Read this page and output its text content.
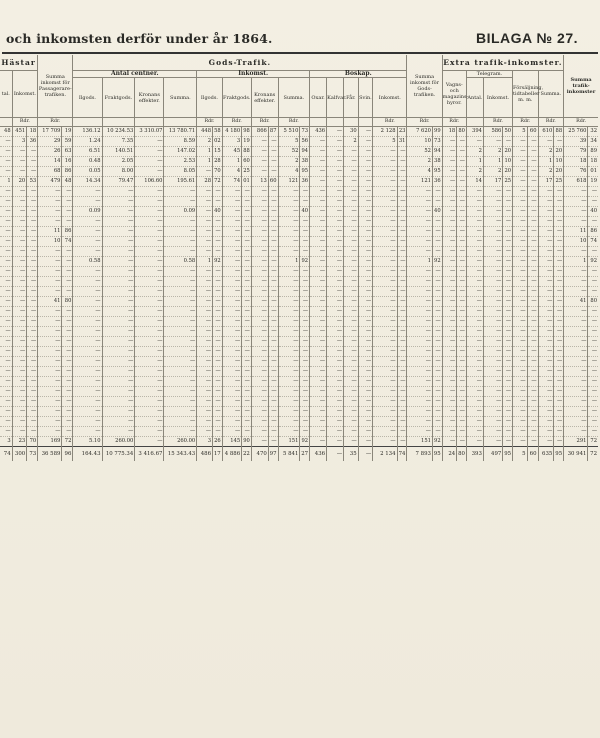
och inkomsten derför under år 1864.	BILAGA № 27.
Hästar			Summa inkomst för Passagerare-trafiken.		Gods-Trafik.																		Summa inkomst för Gods-trafiken.		Extra trafik-inkomster.									Summa trafik-inkomster	
tal.	Inkomst.				Antal centner.				Inkomst.								Boskap.								Vagns- och magazins-hyror.		Telegram.			Försäljning, tidtabeller m. m.		Summa.			
					Ilgods.	Fraktgods.	Kronans effekter.	Summa.	Ilgods.		Fraktgods.		Kronans effekter.		Summa.		Oxar.	Kalfvar.	Får.	Svin.	Inkomst.						Antal.	Inkomst.							
	Rdr.		Rdr.						Rdr.		Rdr.		Rdr.		Rdr.						Rdr.		Rdr.		Rdr.			Rdr.		Rdr.		Rdr.		Rdr.	
48	451	18	17 709	19	136.12	10 234.53	3 310.07	13 780.71	448	58	4 180	98	866	87	5 510	73	436	—	30	—	2 128	23	7 620	99	18	80	394	586	50	5	60	610	88	25 760	32
—	3	36	29	59	1.24	7.35	—	8.59	2	02	3	19	—	—	5	56	—	—	2	—	5	31	10	73	—	—	—	—	—	—	—	—	—	39	34
—	—	—	26	63	6.51	140.51	—	147.02	1	15	45	88	—	—	52	94	—	—	—	—	—	—	52	94	—	—	2	2	20	—	—	2	20	79	89
—	—	—	14	16	0.48	2.05	—	2.53	1	28	1	60	—	—	2	38	—	—	—	—	—	—	2	38	—	—	1	1	10	—	—	1	10	18	18
—	—	—	68	86	0.05	8.00	—	8.05	—	70	4	25	—	—	4	95	—	—	—	—	—	—	4	95	—	—	2	2	20	—	—	2	20	76	01
1	20	53	479	48	14.34	79.47	106.60	195.61	28	72	74	01	13	60	121	36	—	—	—	—	—	—	121	36	—	—	14	17	25	—	—	17	25	618	19
—	—	—	—	—	—	—	—	—	—	—	—	—	—	—	—	—	—	—	—	—	—	—	—	—	—	—	—	—	—	—	—	—	—	—	—
—	—	—	—	—	—	—	—	—	—	—	—	—	—	—	—	—	—	—	—	—	—	—	—	—	—	—	—	—	—	—	—	—	—	—	—
—	—	—	—	—	0.09	—	—	0.09	—	40	—	—	—	—	—	40	—	—	—	—	—	—	—	40	—	—	—	—	—	—	—	—	—	—	40
—	—	—	—	—	—	—	—	—	—	—	—	—	—	—	—	—	—	—	—	—	—	—	—	—	—	—	—	—	—	—	—	—	—	—	—
—	—	—	11	86	—	—	—	—	—	—	—	—	—	—	—	—	—	—	—	—	—	—	—	—	—	—	—	—	—	—	—	—	—	11	86
—	—	—	10	74	—	—	—	—	—	—	—	—	—	—	—	—	—	—	—	—	—	—	—	—	—	—	—	—	—	—	—	—	—	10	74
—	—	—	—	—	—	—	—	—	—	—	—	—	—	—	—	—	—	—	—	—	—	—	—	—	—	—	—	—	—	—	—	—	—	—	—
—	—	—	—	—	0.58	—	—	0.58	1	92	—	—	—	—	1	92	—	—	—	—	—	—	1	92	—	—	—	—	—	—	—	—	—	1	92
—	—	—	—	—	—	—	—	—	—	—	—	—	—	—	—	—	—	—	—	—	—	—	—	—	—	—	—	—	—	—	—	—	—	—	—
—	—	—	—	—	—	—	—	—	—	—	—	—	—	—	—	—	—	—	—	—	—	—	—	—	—	—	—	—	—	—	—	—	—	—	—
—	—	—	—	—	—	—	—	—	—	—	—	—	—	—	—	—	—	—	—	—	—	—	—	—	—	—	—	—	—	—	—	—	—	—	—
—	—	—	41	80	—	—	—	—	—	—	—	—	—	—	—	—	—	—	—	—	—	—	—	—	—	—	—	—	—	—	—	—	—	41	80
—	—	—	—	—	—	—	—	—	—	—	—	—	—	—	—	—	—	—	—	—	—	—	—	—	—	—	—	—	—	—	—	—	—	—	—
—	—	—	—	—	—	—	—	—	—	—	—	—	—	—	—	—	—	—	—	—	—	—	—	—	—	—	—	—	—	—	—	—	—	—	—
—	—	—	—	—	—	—	—	—	—	—	—	—	—	—	—	—	—	—	—	—	—	—	—	—	—	—	—	—	—	—	—	—	—	—	—
—	—	—	—	—	—	—	—	—	—	—	—	—	—	—	—	—	—	—	—	—	—	—	—	—	—	—	—	—	—	—	—	—	—	—	—
—	—	—	—	—	—	—	—	—	—	—	—	—	—	—	—	—	—	—	—	—	—	—	—	—	—	—	—	—	—	—	—	—	—	—	—
—	—	—	—	—	—	—	—	—	—	—	—	—	—	—	—	—	—	—	—	—	—	—	—	—	—	—	—	—	—	—	—	—	—	—	—
—	—	—	—	—	—	—	—	—	—	—	—	—	—	—	—	—	—	—	—	—	—	—	—	—	—	—	—	—	—	—	—	—	—	—	—
—	—	—	—	—	—	—	—	—	—	—	—	—	—	—	—	—	—	—	—	—	—	—	—	—	—	—	—	—	—	—	—	—	—	—	—
—	—	—	—	—	—	—	—	—	—	—	—	—	—	—	—	—	—	—	—	—	—	—	—	—	—	—	—	—	—	—	—	—	—	—	—
—	—	—	—	—	—	—	—	—	—	—	—	—	—	—	—	—	—	—	—	—	—	—	—	—	—	—	—	—	—	—	—	—	—	—	—
—	—	—	—	—	—	—	—	—	—	—	—	—	—	—	—	—	—	—	—	—	—	—	—	—	—	—	—	—	—	—	—	—	—	—	—
—	—	—	—	—	—	—	—	—	—	—	—	—	—	—	—	—	—	—	—	—	—	—	—	—	—	—	—	—	—	—	—	—	—	—	—
—	—	—	—	—	—	—	—	—	—	—	—	—	—	—	—	—	—	—	—	—	—	—	—	—	—	—	—	—	—	—	—	—	—	—	—
3	23	70	169	72	5.10	260.00	—	260.00	3	26	145	90	—	—	151	92	—	—	—	—	—	—	151	92	—	—	—	—	—	—	—	—	—	291	72
74	300	73	36 589	96	164.43	10 775.34	3 416.67	15 343.43	486	17	4 886	22	470	97	5 841	27	436	—	35	—	2 134	74	7 893	95	24	80	393	497	95	5	60	635	95	30 941	72
